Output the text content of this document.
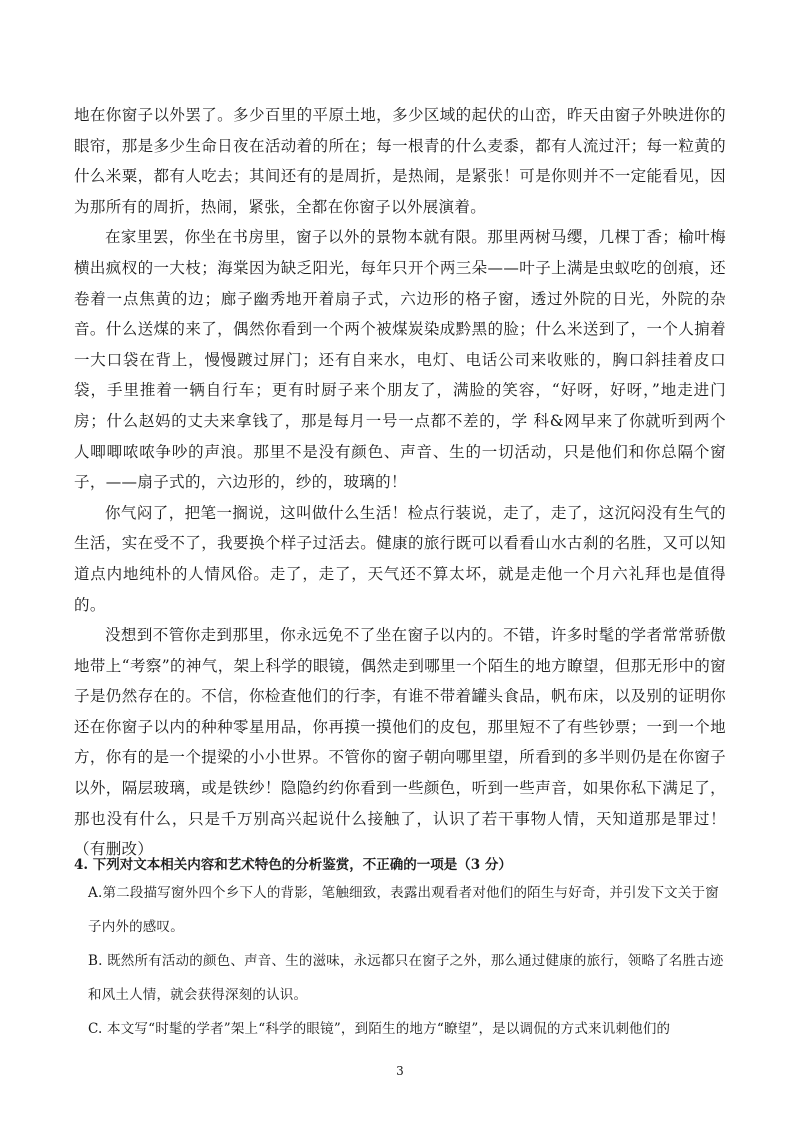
地在你窗子以外罢了。多少百里的平原土地，多少区域的起伏的山峦，昨天由窗子外映进你的眼帘，那是多少生命日夜在活动着的所在；每一根青的什么麦黍，都有人流过汗；每一粒黄的什么米粟，都有人吃去；其间还有的是周折，是热闹，是紧张！可是你则并不一定能看见，因为那所有的周折，热闹，紧张，全都在你窗子以外展演着。

在家里罢，你坐在书房里，窗子以外的景物本就有限。那里两树马缨，几棵丁香；榆叶梅横出疯杈的一大枝；海棠因为缺乏阳光，每年只开个两三朵——叶子上满是虫蚁吃的创痕，还卷着一点焦黄的边；廊子幽秀地开着扇子式，六边形的格子窗，透过外院的日光，外院的杂音。什么送煤的来了，偶然你看到一个两个被煤炭染成黔黑的脸；什么米送到了，一个人掮着一大口袋在背上，慢慢踱过屏门；还有自来水，电灯、电话公司来收账的，胸口斜挂着皮口袋，手里推着一辆自行车；更有时厨子来个朋友了，满脸的笑容，“好呀，好呀，”地走进门房；什么赵妈的丈夫来拿钱了，那是每月一号一点都不差的，学 科&网早来了你就听到两个人唧唧哝哝争吵的声浪。那里不是没有颜色、声音、生的一切活动，只是他们和你总隔个窗子，——扇子式的，六边形的，纱的，玻璃的！

你气闷了，把笔一搁说，这叫做什么生活！检点行装说，走了，走了，这沉闷没有生气的生活，实在受不了，我要换个样子过活去。健康的旅行既可以看看山水古刹的名胜，又可以知道点内地纯朴的人情风俗。走了，走了，天气还不算太坏，就是走他一个月六礼拜也是值得的。

没想到不管你走到那里，你永远免不了坐在窗子以内的。不错，许多时髦的学者常常骄傲地带上“考察”的神气，架上科学的眼镜，偶然走到哪里一个陌生的地方瞭望，但那无形中的窗子是仍然存在的。不信，你检查他们的行李，有谁不带着罐头食品，帆布床，以及别的证明你还在你窗子以内的种种零星用品，你再摸一摸他们的皮包，那里短不了有些钞票；一到一个地方，你有的是一个提梁的小小世界。不管你的窗子朝向哪里望，所看到的多半则仍是在你窗子以外，隔层玻璃，或是铁纱！隐隐约约你看到一些颜色，听到一些声音，如果你私下满足了，那也没有什么，只是千万别高兴起说什么接触了，认识了若干事物人情，天知道那是罪过！（有删改）

4. 下列对文本相关内容和艺术特色的分析鉴赏，不正确的一项是（3 分）

A.第二段描写窗外四个乡下人的背影，笔触细致，表露出观看者对他们的陌生与好奇，并引发下文关于窗子内外的感叹。

B. 既然所有活动的颜色、声音、生的滋味，永远都只在窗子之外，那么通过健康的旅行，领略了名胜古迹和风土人情，就会获得深刻的认识。

C. 本文写“时髦的学者”架上“科学的眼镜”，到陌生的地方“瞭望”，是以调侃的方式来讥刺他们的

3
